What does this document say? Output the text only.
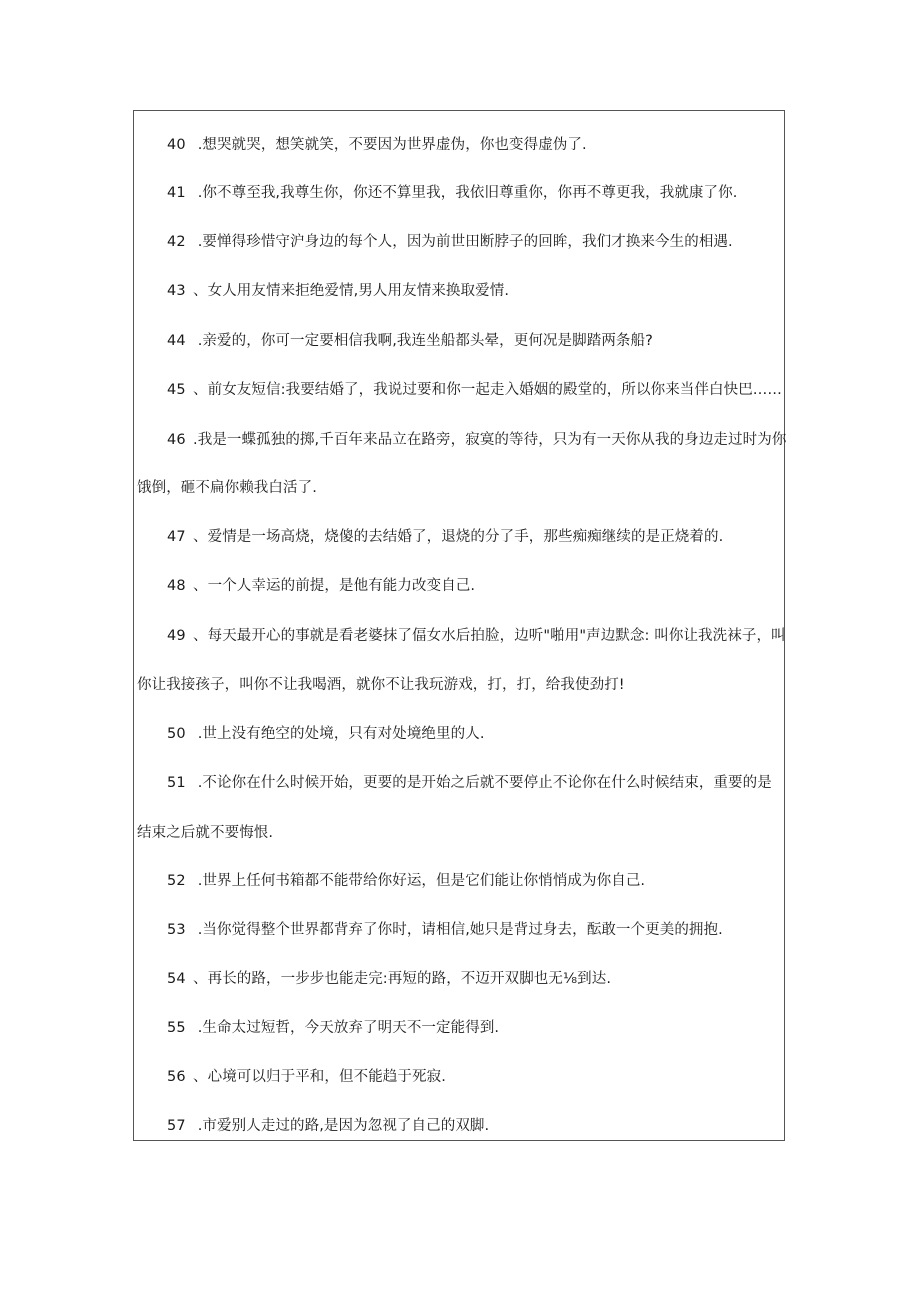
40 .想哭就哭，想笑就笑，不要因为世界虚伪，你也变得虚伪了.
41 .你不尊至我,我尊生你，你还不算里我，我依旧尊重你，你再不尊更我，我就康了你.
42 .要惮得珍惜守沪身边的每个人，因为前世田断脖子的回眸，我们才换来今生的相遇.
43 、女人用友情来拒绝爱情,男人用友情来换取爱情.
44 .亲爱的，你可一定要相信我啊,我连坐船都头晕，更何况是脚踏两条船?
45 、前女友短信:我要结婚了，我说过要和你一起走入婚姻的殿堂的，所以你来当伴白快巴……
46 .我是一蝶孤独的掷,千百年来品立在路旁，寂寞的等待，只为有一天你从我的身边走过时为你
饿倒，砸不扁你赖我白活了.
47 、爱情是一场高烧，烧傻的去结婚了，退烧的分了手，那些痴痴继续的是正烧着的.
48 、一个人幸运的前提，是他有能力改变自己.
49 、每天最开心的事就是看老婆抹了偪女水后拍脸，边听"啪用"声边默念: 叫你让我洗袜子，叫
你让我接孩子，叫你不让我喝酒，就你不让我玩游戏，打，打，给我使劲打!
50 .世上没有绝空的处境，只有对处境绝里的人.
51 .不论你在什么时候开始，更要的是开始之后就不要停止不论你在什么时候结束，重要的是
结束之后就不要悔恨.
52 .世界上任何书箱都不能带给你好运，但是它们能让你悄悄成为你自己.
53 .当你觉得整个世界都背弃了你时，请相信,她只是背过身去，酝敢一个更美的拥抱.
54 、再长的路，一步步也能走完:再短的路，不迈开双脚也无⅛到达.
55 .生命太过短哲，今天放弃了明天不一定能得到.
56 、心境可以归于平和，但不能趋于死寂.
57 .市爱别人走过的路,是因为忽视了自己的双脚.
